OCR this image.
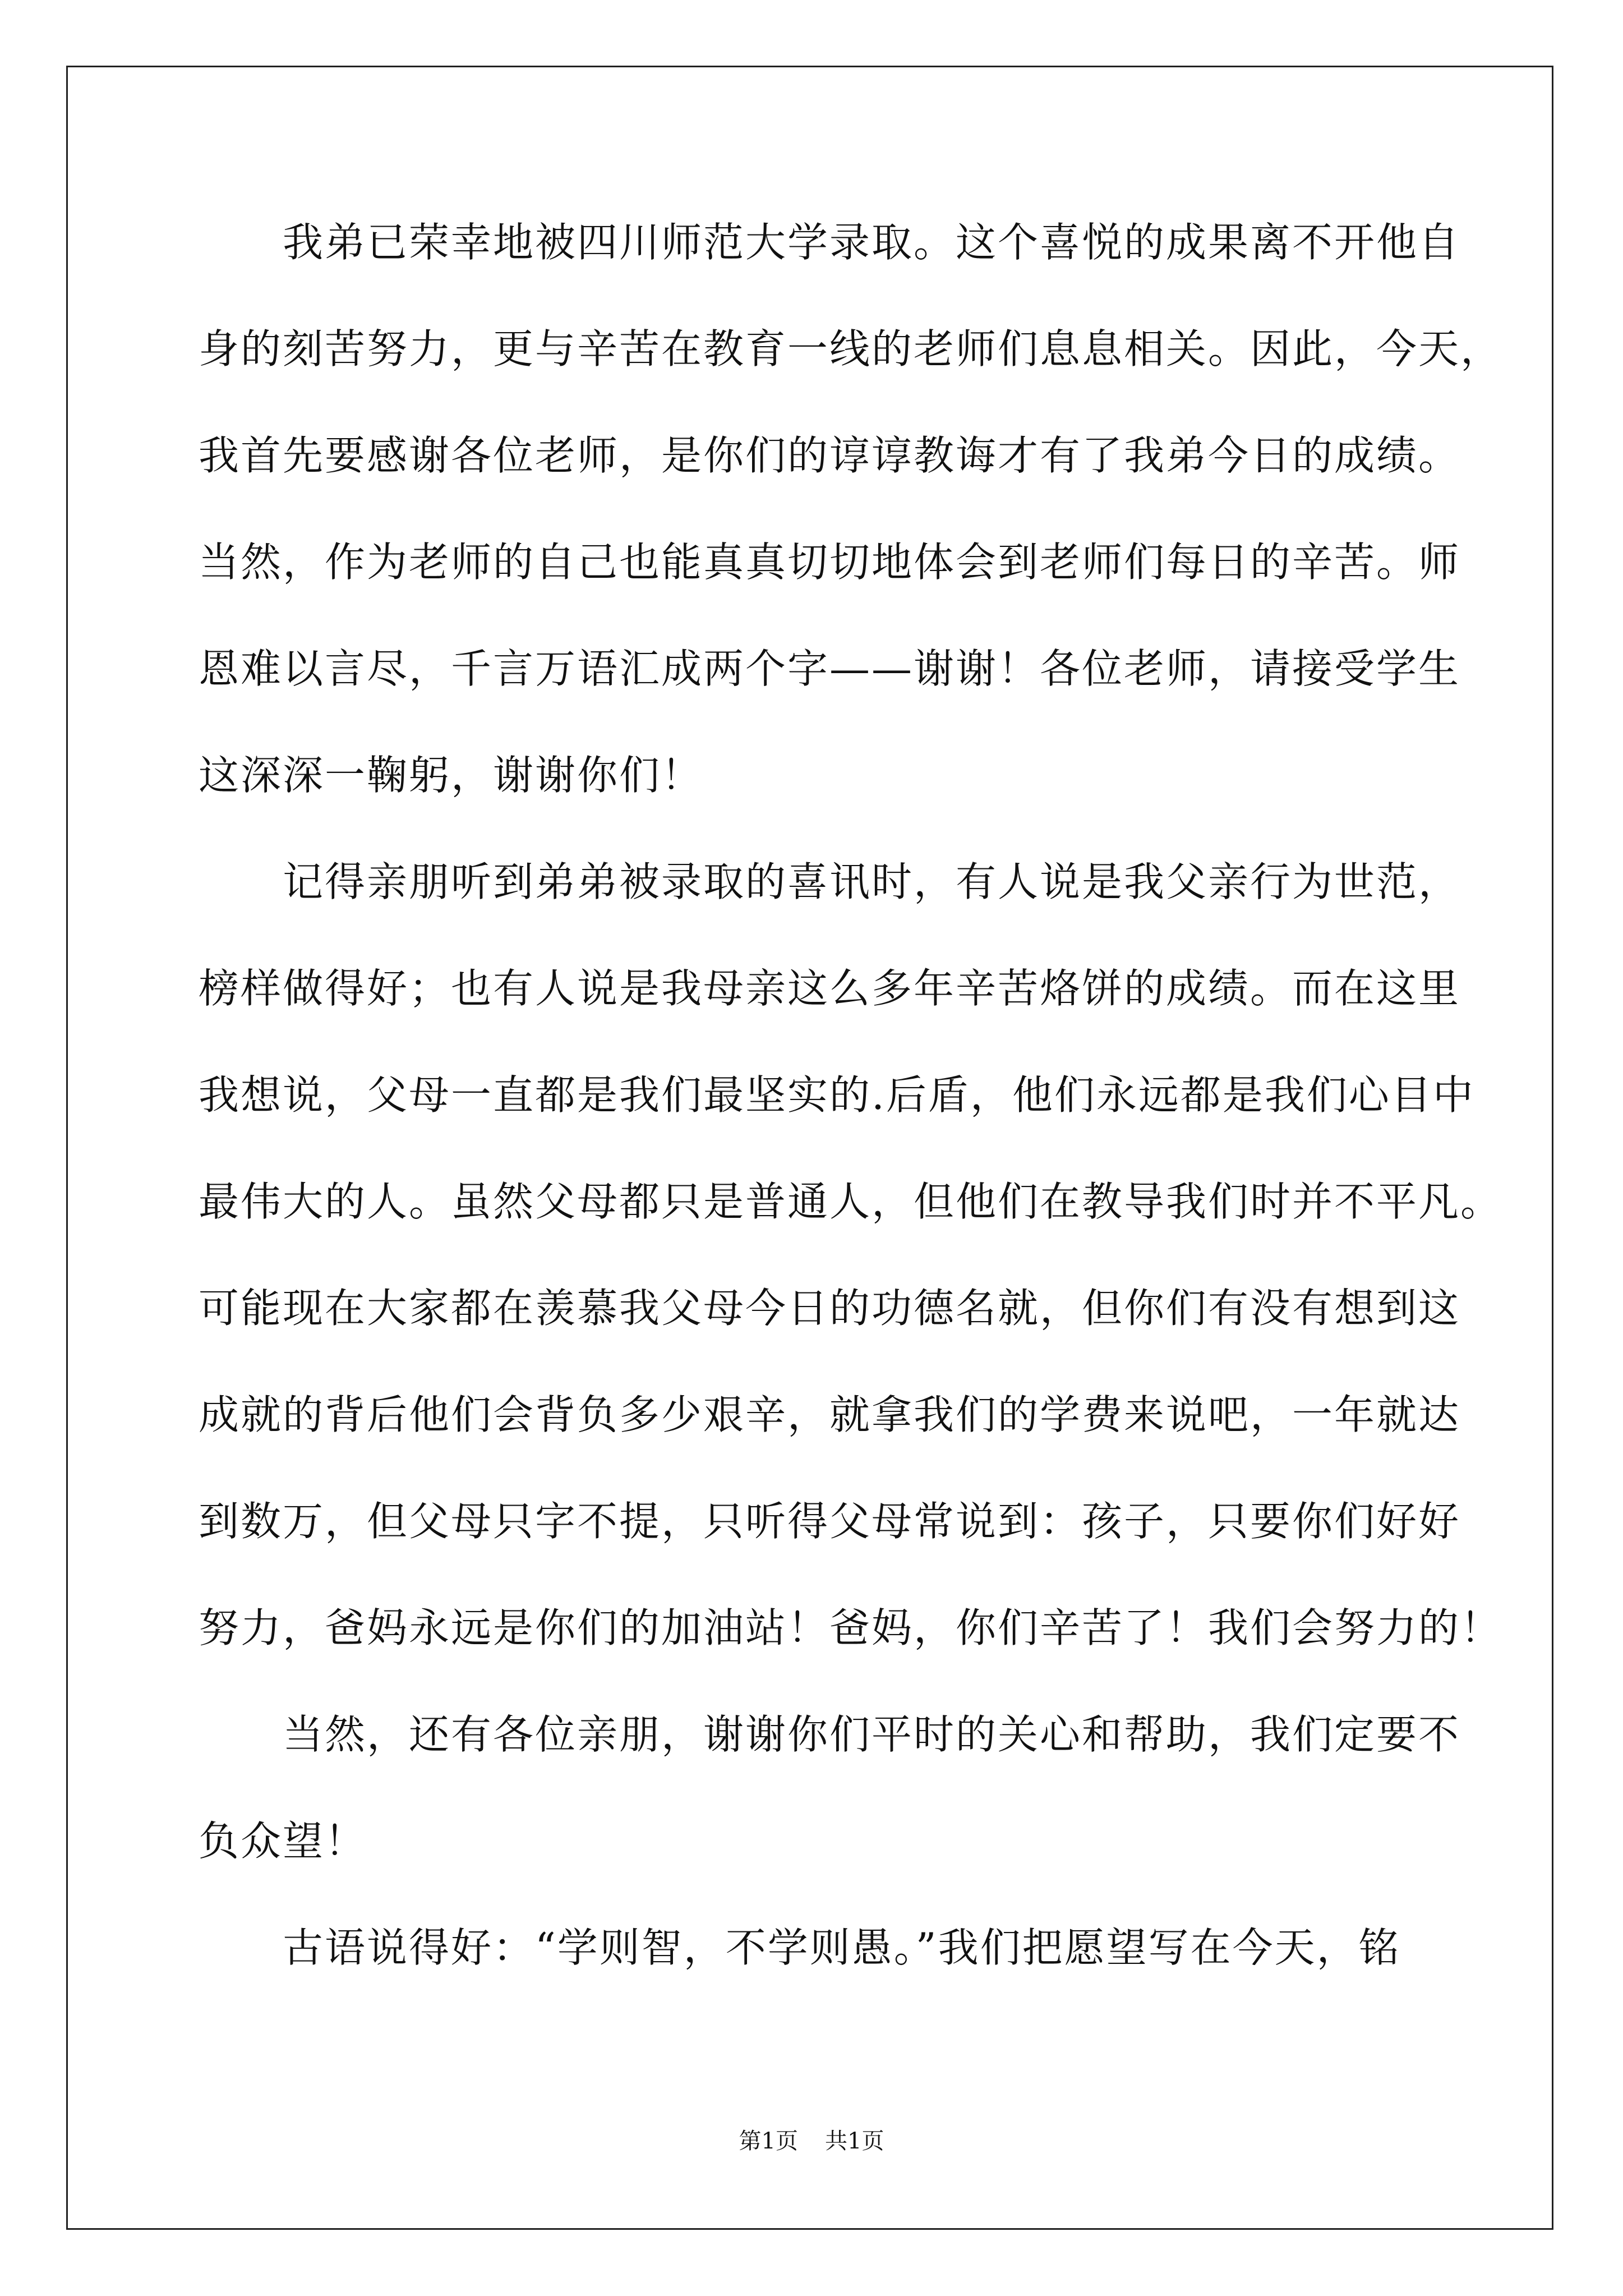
　　我弟已荣幸地被四川师范大学录取。这个喜悦的成果离不开他自
身的刻苦努力，更与辛苦在教育一线的老师们息息相关。因此，今天，
我首先要感谢各位老师，是你们的谆谆教诲才有了我弟今日的成绩。
当然，作为老师的自己也能真真切切地体会到老师们每日的辛苦。师
恩难以言尽，千言万语汇成两个字——谢谢！各位老师，请接受学生
这深深一鞠躬，谢谢你们！
　　记得亲朋听到弟弟被录取的喜讯时，有人说是我父亲行为世范，
榜样做得好；也有人说是我母亲这么多年辛苦烙饼的成绩。而在这里
我想说，父母一直都是我们最坚实的.后盾，他们永远都是我们心目中
最伟大的人。虽然父母都只是普通人，但他们在教导我们时并不平凡。
可能现在大家都在羡慕我父母今日的功德名就，但你们有没有想到这
成就的背后他们会背负多少艰辛，就拿我们的学费来说吧，一年就达
到数万，但父母只字不提，只听得父母常说到：孩子，只要你们好好
努力，爸妈永远是你们的加油站！爸妈，你们辛苦了！我们会努力的！
　　当然，还有各位亲朋，谢谢你们平时的关心和帮助，我们定要不
负众望！
　　古语说得好：“学则智，不学则愚。”我们把愿望写在今天，铭
第1页 共1页
